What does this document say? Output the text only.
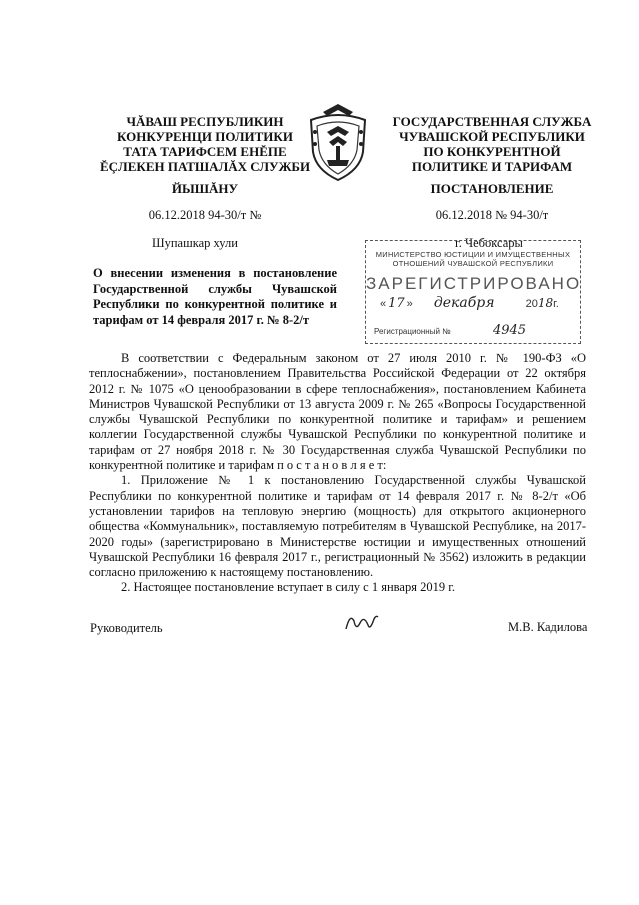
ЧĂВАШ РЕСПУБЛИКИН
КОНКУРЕНЦИ ПОЛИТИКИ
ТАТА ТАРИФСЕМ ЕНĔПЕ
ĔÇЛЕКЕН ПАТШАЛĂХ СЛУЖБИ
ГОСУДАРСТВЕННАЯ СЛУЖБА
ЧУВАШСКОЙ РЕСПУБЛИКИ
ПО КОНКУРЕНТНОЙ
ПОЛИТИКЕ И ТАРИФАМ
ЙЫШĂНУ	ПОСТАНОВЛЕНИЕ
06.12.2018 94-30/т №	06.12.2018 № 94-30/т
Шупашкар хули	г. Чебоксары
МИНИСТЕРСТВО ЮСТИЦИИ И ИМУЩЕСТВЕННЫХ
ОТНОШЕНИЙ ЧУВАШСКОЙ РЕСПУБЛИКИ
ЗАРЕГИСТРИРОВАНО
« 17 » декабря	2018г.
Регистрационный №	4945
О внесении изменения в постановление Государственной службы Чувашской Республики по конкурентной политике и тарифам от 14 февраля 2017 г. № 8-2/т

В соответствии с Федеральным законом от 27 июля 2010 г. № 190-ФЗ «О теплоснабжении», постановлением Правительства Российской Федерации от 22 октября 2012 г. № 1075 «О ценообразовании в сфере теплоснабжения», постановлением Кабинета Министров Чувашской Республики от 13 августа 2009 г. № 265 «Вопросы Государственной службы Чувашской Республики по конкурентной политике и тарифам» и решением коллегии Государственной службы Чувашской Республики по конкурентной политике и тарифам от 27 ноября 2018 г. № 30 Государственная служба Чувашской Республики по конкурентной политике и тарифам п о с т а н о в л я е т:

1. Приложение № 1 к постановлению Государственной службы Чувашской Республики по конкурентной политике и тарифам от 14 февраля 2017 г. № 8-2/т «Об установлении тарифов на тепловую энергию (мощность) для открытого акционерного общества «Коммунальник», поставляемую потребителям в Чувашской Республике, на 2017-2020 годы» (зарегистрировано в Министерстве юстиции и имущественных отношений Чувашской Республики 16 февраля 2017 г., регистрационный № 3562) изложить в редакции согласно приложению к настоящему постановлению.

2. Настоящее постановление вступает в силу с 1 января 2019 г.

Руководитель	М.В. Кадилова
